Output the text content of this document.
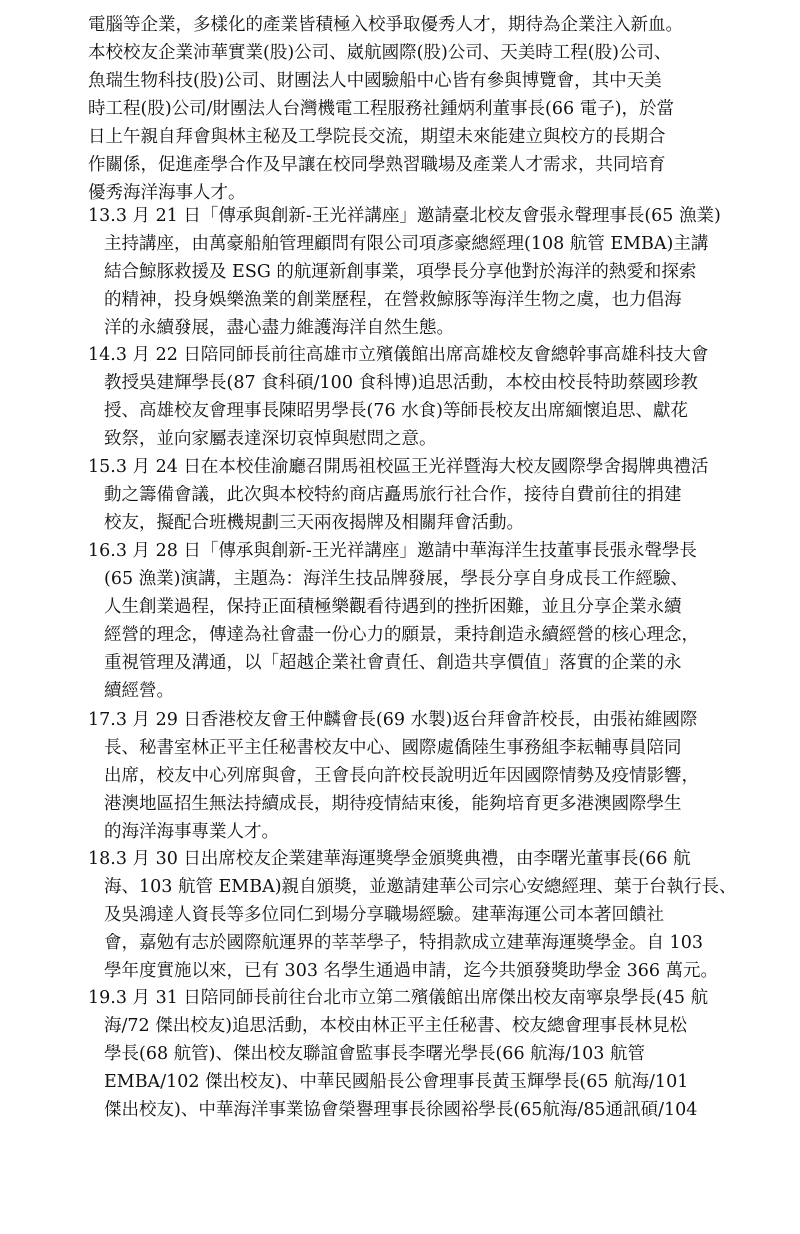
電腦等企業，多樣化的產業皆積極入校爭取優秀人才，期待為企業注入新血。
本校校友企業沛華實業(股)公司、崴航國際(股)公司、天美時工程(股)公司、
魚瑞生物科技(股)公司、財團法人中國驗船中心皆有參與博覽會，其中天美
時工程(股)公司/財團法人台灣機電工程服務社鍾炳利董事長(66 電子)，於當
日上午親自拜會與林主秘及工學院長交流，期望未來能建立與校方的長期合
作關係，促進產學合作及早讓在校同學熟習職場及產業人才需求，共同培育
優秀海洋海事人才。
13.3 月 21 日「傳承與創新-王光祥講座」邀請臺北校友會張永聲理事長(65 漁業)
主持講座，由萬豪船舶管理顧問有限公司項彥豪總經理(108 航管 EMBA)主講
結合鯨豚救援及 ESG 的航運新創事業，項學長分享他對於海洋的熱愛和探索
的精神，投身娛樂漁業的創業歷程，在營救鯨豚等海洋生物之虞，也力倡海
洋的永續發展，盡心盡力維護海洋自然生態。
14.3 月 22 日陪同師長前往高雄市立殯儀館出席高雄校友會總幹事高雄科技大會
教授吳建輝學長(87 食科碩/100 食科博)追思活動，本校由校長特助蔡國珍教
授、高雄校友會理事長陳昭男學長(76 水食)等師長校友出席緬懷追思、獻花
致祭，並向家屬表達深切哀悼與慰問之意。
15.3 月 24 日在本校佳渝廳召開馬祖校區王光祥暨海大校友國際學舍揭牌典禮活
動之籌備會議，此次與本校特約商店矗馬旅行社合作，接待自費前往的捐建
校友，擬配合班機規劃三天兩夜揭牌及相關拜會活動。
16.3 月 28 日「傳承與創新-王光祥講座」邀請中華海洋生技董事長張永聲學長
(65 漁業)演講，主題為：海洋生技品牌發展，學長分享自身成長工作經驗、
人生創業過程，保持正面積極樂觀看待遇到的挫折困難，並且分享企業永續
經營的理念，傳達為社會盡一份心力的願景，秉持創造永續經營的核心理念，
重視管理及溝通，以「超越企業社會責任、創造共享價值」落實的企業的永
續經營。
17.3 月 29 日香港校友會王仲麟會長(69 水製)返台拜會許校長，由張祐維國際
長、秘書室林正平主任秘書校友中心、國際處僑陸生事務組李耘輔專員陪同
出席，校友中心列席與會，王會長向許校長說明近年因國際情勢及疫情影響，
港澳地區招生無法持續成長，期待疫情結束後，能夠培育更多港澳國際學生
的海洋海事專業人才。
18.3 月 30 日出席校友企業建華海運獎學金頒獎典禮，由李曙光董事長(66 航
海、103 航管 EMBA)親自頒獎，並邀請建華公司宗心安總經理、葉于台執行長、
及吳鴻達人資長等多位同仁到場分享職場經驗。建華海運公司本著回饋社
會，嘉勉有志於國際航運界的莘莘學子，特捐款成立建華海運獎學金。自 103
學年度實施以來，已有 303 名學生通過申請，迄今共頒發獎助學金 366 萬元。
19.3 月 31 日陪同師長前往台北市立第二殯儀館出席傑出校友南寧泉學長(45 航
海/72 傑出校友)追思活動，本校由林正平主任秘書、校友總會理事長林見松
學長(68 航管)、傑出校友聯誼會監事長李曙光學長(66 航海/103 航管
EMBA/102 傑出校友)、中華民國船長公會理事長黃玉輝學長(65 航海/101
傑出校友)、中華海洋事業協會榮譽理事長徐國裕學長(65航海/85通訊碩/104
